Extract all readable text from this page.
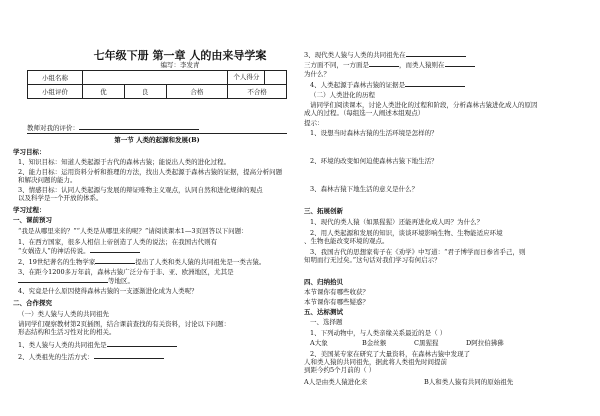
七年级下册 第一章 人的由来导学案
编写：李发青
小组名称				个人得分	
小组评价	优	良	合格	不合格	
教师对我的评价：
第一节 人类的起源和发展(B)
学习目标：
1、知识目标：知道人类起源于古代的森林古猿；能说出人类的进化过程。
2、能力目标：运用资料分析和推理的方法，找出人类起源于森林古猿的证据，提高分析问题
和解决问题的能力。
3、情感目标：认同人类起源与发展的辩证唯物主义观点，认同自然和进化规律的观点
以及科学是一个开放的体系。
学习过程：
一、课前预习
“我是从哪里来的？”“人类是从哪里来的呢？”请阅读课本1—3页回答以下问题：
1、在西方国家，很多人相信上帝创造了人类的说法；在我国古代则有
“女娲造人”的神话传说。
2、19世纪著名的生物学家	提出了人类和类人猿的共同祖先是一类古猿。
3、在距今1200多万年前，森林古猿广泛分布于非、亚、欧洲地区，尤其是
等地区。
4、究竟是什么原因使得森林古猿的一支逐渐进化成为人类呢？
二、合作探究
（一）类人猿与人类的共同祖先
请同学们观察教材第2页插图，结合课前查找的有关资料，讨论以下问题：
形态结构和生活习性对比的相关。
1、类人猿与人类的共同祖先是
2、人类祖先的生活方式：
3、现代类人猿与人类的共同祖先在
三方面不同，一方面是	，而类人猿则在
为什么？
4、人类起源于森林古猿的证据是
（二）人类进化的历程
请同学们阅读课本，讨论人类进化的过程和阶段，分析森林古猿进化成人的原因
成人的过程。（每组选一人阐述本组观点）
提示：
1、设想当时森林古猿的生活环境是怎样的？
2、环境的改变如何迫使森林古猿下地生活？
3、森林古猿下地生活的意义是什么？
三、拓展创新
1、现代的类人猿（如黑猩猩）还能再进化成人吗？为什么？
2、用人类起源和发展的知识，谈谈环境影响生物、生物能适应环境
、生物也能改变环境的观点。
3、我国古代的思想家荀子在《劝学》中写道：“君子博学而日参省乎己，则
知明而行无过矣。”这句话对我们学习有何启示？
四、归纳拾贝
本节课你有哪些收获？
本节课你有哪些疑惑？
五、达标测试
一、选择题
1、下列动物中，与人类亲缘关系最近的是（ ）
A大象	B金丝猴	C黑猩猩	D阿拉伯狒狒
2、美国某专家在研究了大量资料，在森林古猿中发现了
人和类人猿的共同祖先，据此将人类祖先时间提前
到距今约5个月前的（ ）
A人是由类人猿进化来	B人和类人猿有共同的原始祖先
